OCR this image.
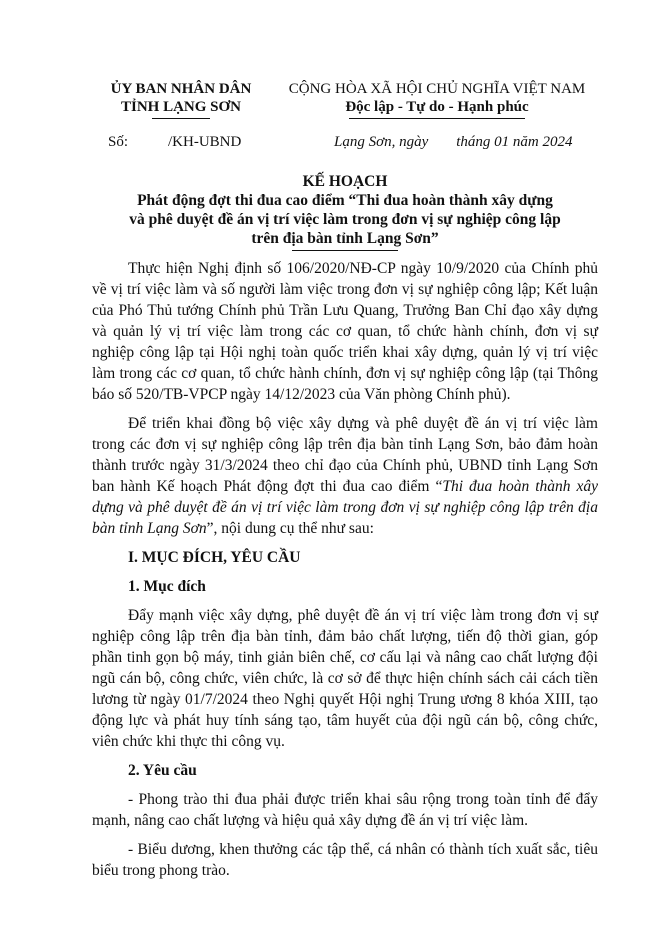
ỦY BAN NHÂN DÂN
TỈNH LẠNG SƠN
CỘNG HÒA XÃ HỘI CHỦ NGHĨA VIỆT NAM
Độc lập - Tự do - Hạnh phúc
Số:	/KH-UBND	Lạng Sơn, ngày tháng 01 năm 2024
KẾ HOẠCH
Phát động đợt thi đua cao điểm “Thi đua hoàn thành xây dựng
và phê duyệt đề án vị trí việc làm trong đơn vị sự nghiệp công lập
trên địa bàn tỉnh Lạng Sơn”

Thực hiện Nghị định số 106/2020/NĐ-CP ngày 10/9/2020 của Chính phủ về vị trí việc làm và số người làm việc trong đơn vị sự nghiệp công lập; Kết luận của Phó Thủ tướng Chính phủ Trần Lưu Quang, Trưởng Ban Chỉ đạo xây dựng và quản lý vị trí việc làm trong các cơ quan, tổ chức hành chính, đơn vị sự nghiệp công lập tại Hội nghị toàn quốc triển khai xây dựng, quản lý vị trí việc làm trong các cơ quan, tổ chức hành chính, đơn vị sự nghiệp công lập (tại Thông báo số 520/TB-VPCP ngày 14/12/2023 của Văn phòng Chính phủ).

Để triển khai đồng bộ việc xây dựng và phê duyệt đề án vị trí việc làm trong các đơn vị sự nghiệp công lập trên địa bàn tỉnh Lạng Sơn, bảo đảm hoàn thành trước ngày 31/3/2024 theo chỉ đạo của Chính phủ, UBND tỉnh Lạng Sơn ban hành Kế hoạch Phát động đợt thi đua cao điểm “Thi đua hoàn thành xây dựng và phê duyệt đề án vị trí việc làm trong đơn vị sự nghiệp công lập trên địa bàn tỉnh Lạng Sơn”, nội dung cụ thể như sau:

I. MỤC ĐÍCH, YÊU CẦU
1. Mục đích

Đẩy mạnh việc xây dựng, phê duyệt đề án vị trí việc làm trong đơn vị sự nghiệp công lập trên địa bàn tỉnh, đảm bảo chất lượng, tiến độ thời gian, góp phần tinh gọn bộ máy, tinh giản biên chế, cơ cấu lại và nâng cao chất lượng đội ngũ cán bộ, công chức, viên chức, là cơ sở để thực hiện chính sách cải cách tiền lương từ ngày 01/7/2024 theo Nghị quyết Hội nghị Trung ương 8 khóa XIII, tạo động lực và phát huy tính sáng tạo, tâm huyết của đội ngũ cán bộ, công chức, viên chức khi thực thi công vụ.

2. Yêu cầu

- Phong trào thi đua phải được triển khai sâu rộng trong toàn tỉnh để đẩy mạnh, nâng cao chất lượng và hiệu quả xây dựng đề án vị trí việc làm.

- Biểu dương, khen thưởng các tập thể, cá nhân có thành tích xuất sắc, tiêu biểu trong phong trào.
